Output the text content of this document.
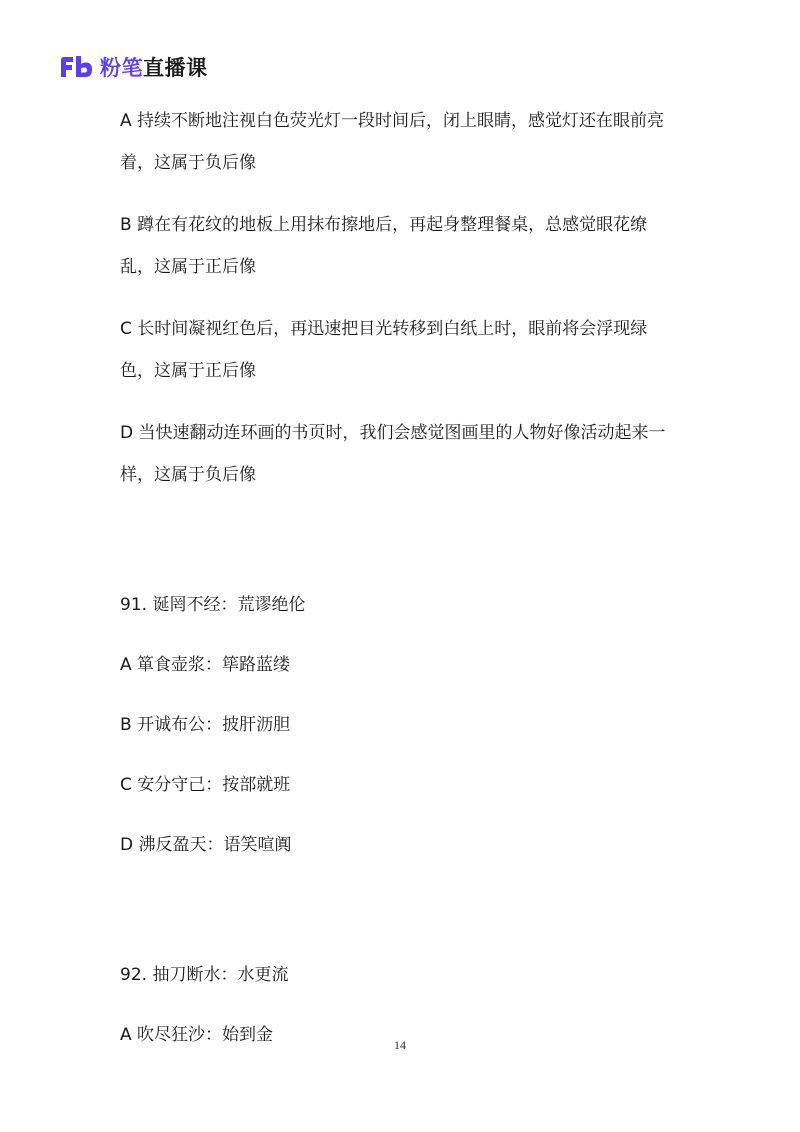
粉笔直播课

A 持续不断地注视白色荧光灯一段时间后，闭上眼睛，感觉灯还在眼前亮着，这属于负后像

B 蹲在有花纹的地板上用抹布擦地后，再起身整理餐桌，总感觉眼花缭乱，这属于正后像

C 长时间凝视红色后，再迅速把目光转移到白纸上时，眼前将会浮现绿色，这属于正后像

D 当快速翻动连环画的书页时，我们会感觉图画里的人物好像活动起来一样，这属于负后像

91. 诞罔不经：荒谬绝伦

A 箪食壶浆：筚路蓝缕

B 开诚布公：披肝沥胆

C 安分守己：按部就班

D 沸反盈天：语笑喧阗

92. 抽刀断水：水更流

A 吹尽狂沙：始到金	14
